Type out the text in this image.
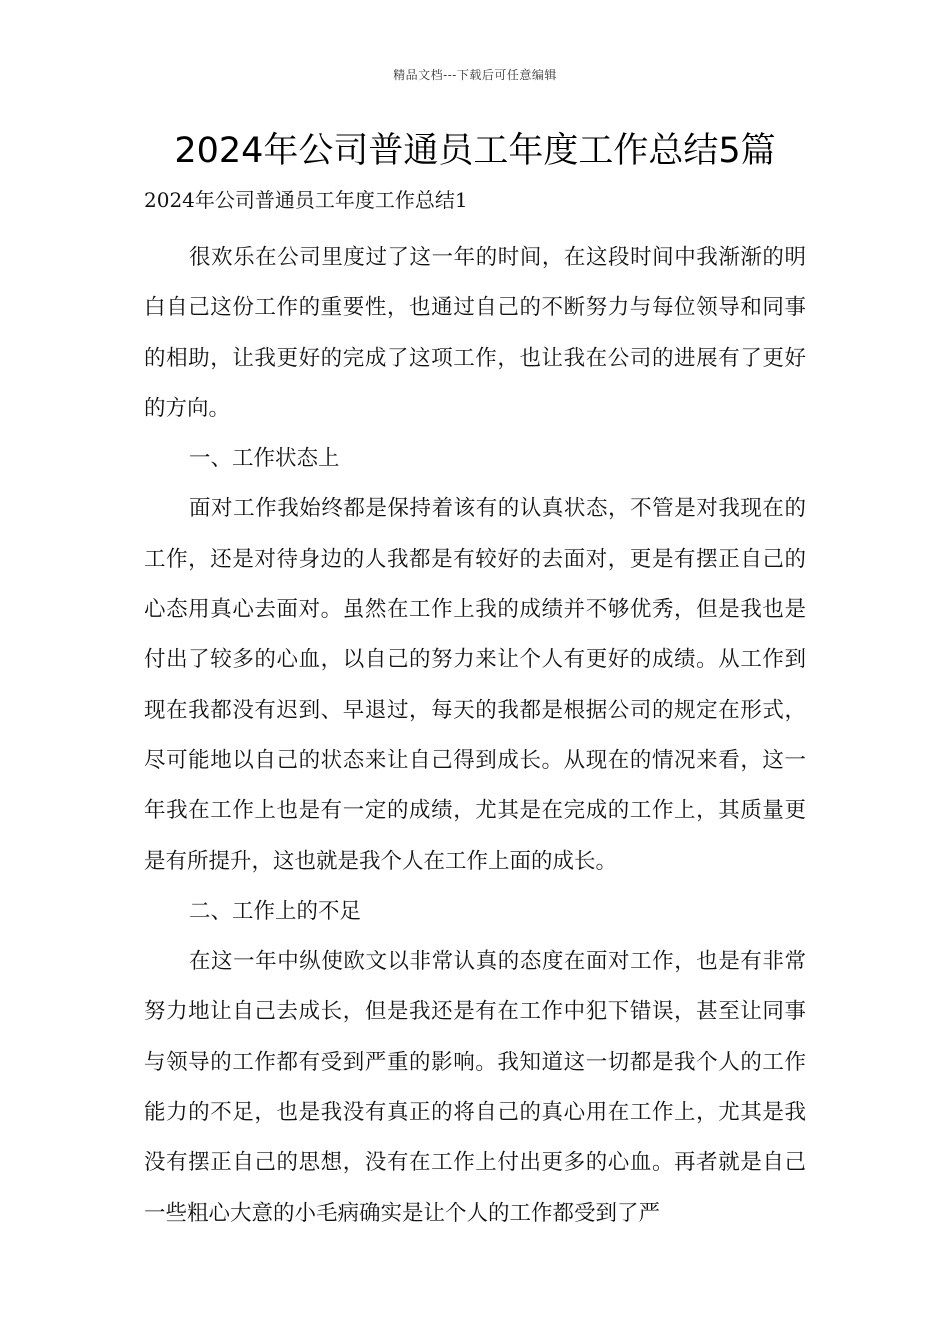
精品文档---下载后可任意编辑
2024年公司普通员工年度工作总结5篇

2024年公司普通员工年度工作总结1

很欢乐在公司里度过了这一年的时间，在这段时间中我渐渐的明白自己这份工作的重要性，也通过自己的不断努力与每位领导和同事的相助，让我更好的完成了这项工作，也让我在公司的进展有了更好的方向。

一、工作状态上

面对工作我始终都是保持着该有的认真状态，不管是对我现在的工作，还是对待身边的人我都是有较好的去面对，更是有摆正自己的心态用真心去面对。虽然在工作上我的成绩并不够优秀，但是我也是付出了较多的心血，以自己的努力来让个人有更好的成绩。从工作到现在我都没有迟到、早退过，每天的我都是根据公司的规定在形式，尽可能地以自己的状态来让自己得到成长。从现在的情况来看，这一年我在工作上也是有一定的成绩，尤其是在完成的工作上，其质量更是有所提升，这也就是我个人在工作上面的成长。

二、工作上的不足

在这一年中纵使欧文以非常认真的态度在面对工作，也是有非常努力地让自己去成长，但是我还是有在工作中犯下错误，甚至让同事与领导的工作都有受到严重的影响。我知道这一切都是我个人的工作能力的不足，也是我没有真正的将自己的真心用在工作上，尤其是我没有摆正自己的思想，没有在工作上付出更多的心血。再者就是自己一些粗心大意的小毛病确实是让个人的工作都受到了严
